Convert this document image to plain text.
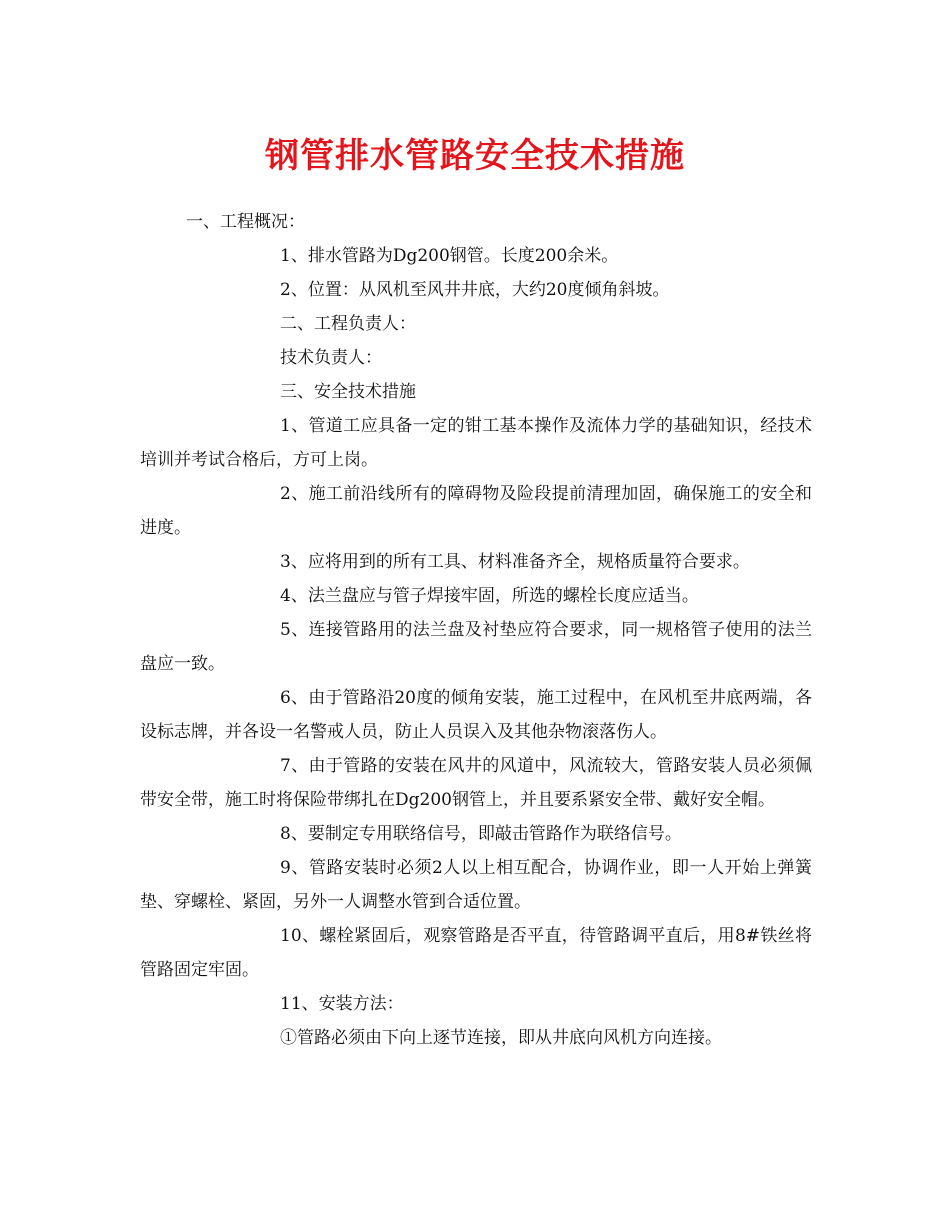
钢管排水管路安全技术措施

一、工程概况：

1、排水管路为Dg200钢管。长度200余米。

2、位置：从风机至风井井底，大约20度倾角斜坡。

二、工程负责人：

技术负责人：

三、安全技术措施

1、管道工应具备一定的钳工基本操作及流体力学的基础知识，经技术培训并考试合格后，方可上岗。

2、施工前沿线所有的障碍物及险段提前清理加固，确保施工的安全和进度。

3、应将用到的所有工具、材料准备齐全，规格质量符合要求。

4、法兰盘应与管子焊接牢固，所选的螺栓长度应适当。

5、连接管路用的法兰盘及衬垫应符合要求，同一规格管子使用的法兰盘应一致。

6、由于管路沿20度的倾角安装，施工过程中，在风机至井底两端，各设标志牌，并各设一名警戒人员，防止人员误入及其他杂物滚落伤人。

7、由于管路的安装在风井的风道中，风流较大，管路安装人员必须佩带安全带，施工时将保险带绑扎在Dg200钢管上，并且要系紧安全带、戴好安全帽。

8、要制定专用联络信号，即敲击管路作为联络信号。

9、管路安装时必须2人以上相互配合，协调作业，即一人开始上弹簧垫、穿螺栓、紧固，另外一人调整水管到合适位置。

10、螺栓紧固后，观察管路是否平直，待管路调平直后，用8#铁丝将管路固定牢固。

11、安装方法：

①管路必须由下向上逐节连接，即从井底向风机方向连接。
